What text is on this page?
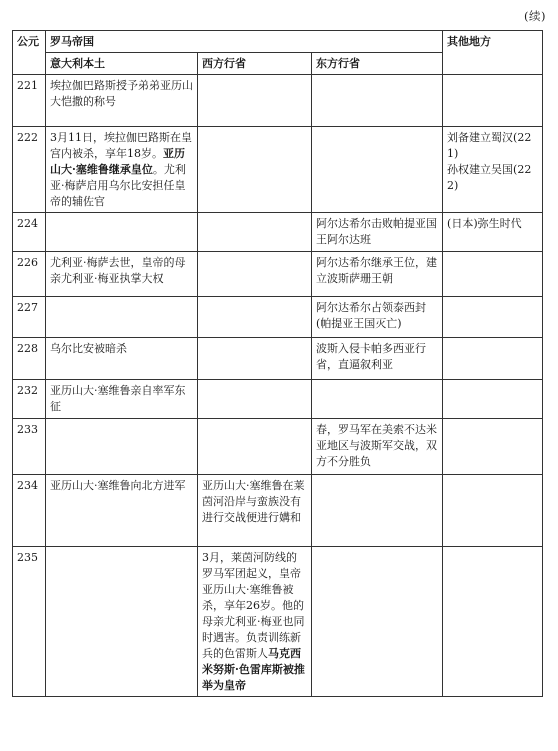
(续)
公元	罗马帝国			其他地方
	意大利本土	西方行省	东方行省	
221	埃拉伽巴路斯授予弟弟亚历山大恺撒的称号			
222	3月11日，埃拉伽巴路斯在皇宫内被杀，享年18岁。亚历山大·塞维鲁继承皇位。尤利亚·梅萨启用乌尔比安担任皇帝的辅佐官			刘备建立蜀汉(221)
孙权建立吴国(222)
224			阿尔达希尔击败帕提亚国王阿尔达班	(日本)弥生时代
226	尤利亚·梅萨去世，皇帝的母亲尤利亚·梅亚执掌大权		阿尔达希尔继承王位，建立波斯萨珊王朝	
227			阿尔达希尔占领泰西封(帕提亚王国灭亡)	
228	乌尔比安被暗杀		波斯入侵卡帕多西亚行省，直逼叙利亚	
232	亚历山大·塞维鲁亲自率军东征			
233			春，罗马军在美索不达米亚地区与波斯军交战，双方不分胜负	
234	亚历山大·塞维鲁向北方进军	亚历山大·塞维鲁在莱茵河沿岸与蛮族没有进行交战便进行媾和		
235		3月，莱茵河防线的罗马军团起义，皇帝亚历山大·塞维鲁被杀，享年26岁。他的母亲尤利亚·梅亚也同时遇害。负责训练新兵的色雷斯人马克西米努斯·色雷库斯被推举为皇帝		
